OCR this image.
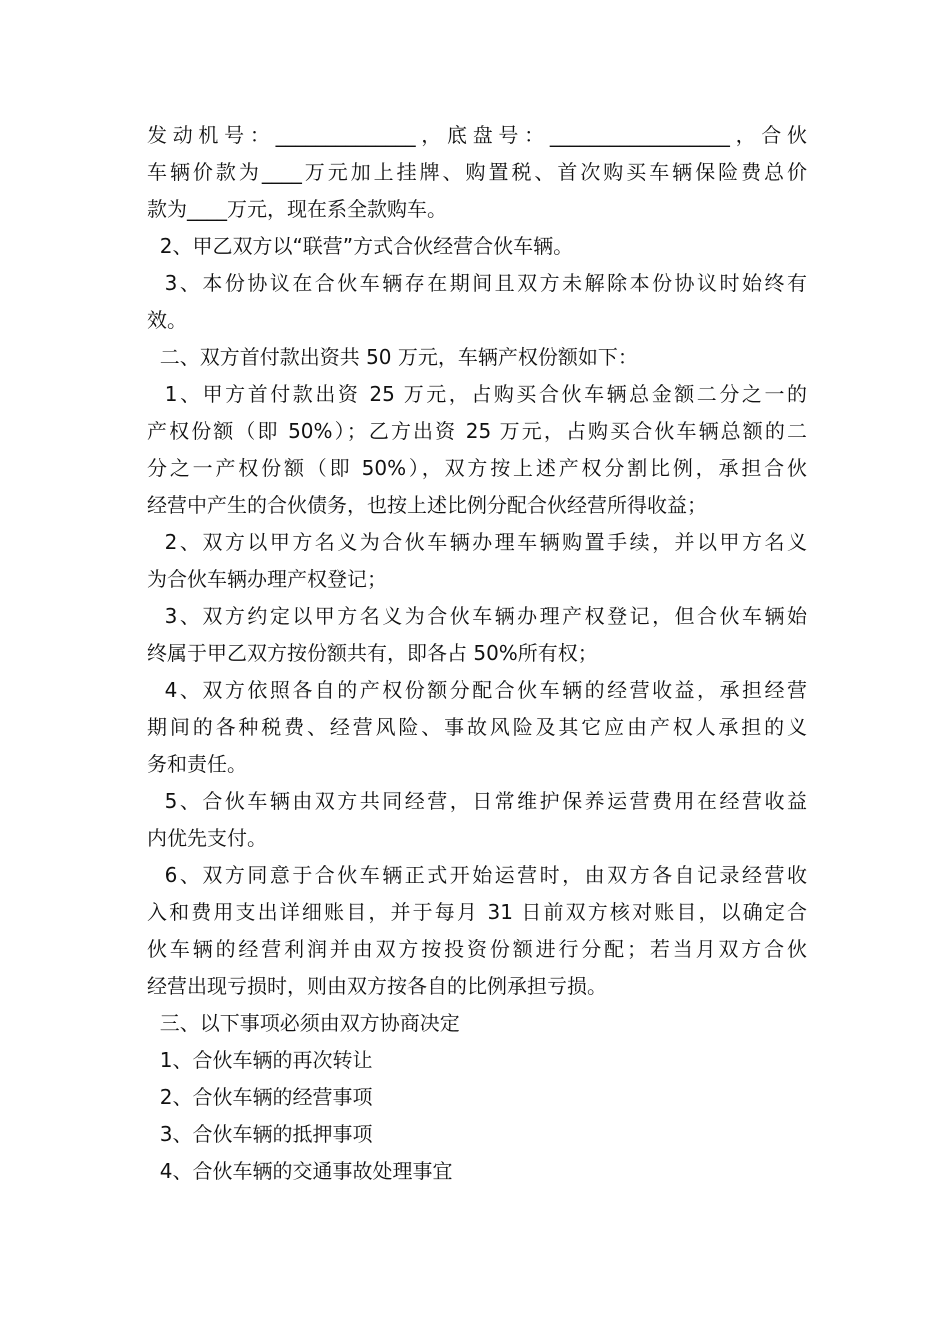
发动机号：______________，底盘号：__________________，合伙
车辆价款为____万元加上挂牌、购置税、首次购买车辆保险费总价
款为____万元，现在系全款购车。
2、甲乙双方以“联营”方式合伙经营合伙车辆。
3、本份协议在合伙车辆存在期间且双方未解除本份协议时始终有
效。
二、双方首付款出资共 50 万元，车辆产权份额如下：
1、甲方首付款出资 25 万元，占购买合伙车辆总金额二分之一的
产权份额（即 50%）；乙方出资 25 万元，占购买合伙车辆总额的二
分之一产权份额（即 50%），双方按上述产权分割比例，承担合伙
经营中产生的合伙债务，也按上述比例分配合伙经营所得收益；
2、双方以甲方名义为合伙车辆办理车辆购置手续，并以甲方名义
为合伙车辆办理产权登记；
3、双方约定以甲方名义为合伙车辆办理产权登记，但合伙车辆始
终属于甲乙双方按份额共有，即各占 50%所有权；
4、双方依照各自的产权份额分配合伙车辆的经营收益，承担经营
期间的各种税费、经营风险、事故风险及其它应由产权人承担的义
务和责任。
5、合伙车辆由双方共同经营，日常维护保养运营费用在经营收益
内优先支付。
6、双方同意于合伙车辆正式开始运营时，由双方各自记录经营收
入和费用支出详细账目，并于每月 31 日前双方核对账目，以确定合
伙车辆的经营利润并由双方按投资份额进行分配；若当月双方合伙
经营出现亏损时，则由双方按各自的比例承担亏损。
三、以下事项必须由双方协商决定
1、合伙车辆的再次转让
2、合伙车辆的经营事项
3、合伙车辆的抵押事项
4、合伙车辆的交通事故处理事宜
